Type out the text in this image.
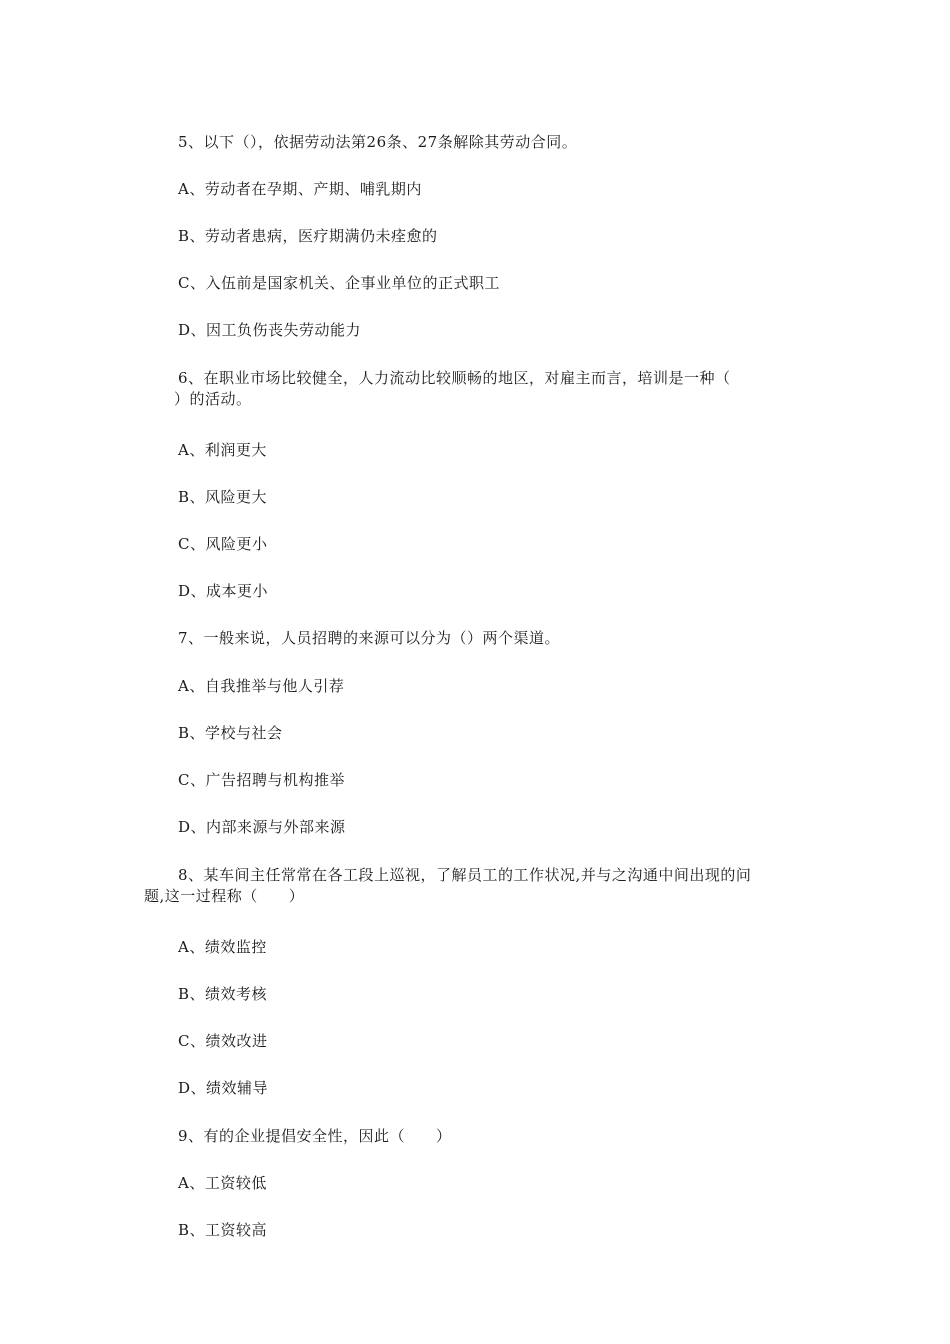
5、以下（），依据劳动法第26条、27条解除其劳动合同。
A、劳动者在孕期、产期、哺乳期内
B、劳动者患病，医疗期满仍未痊愈的
C、入伍前是国家机关、企事业单位的正式职工
D、因工负伤丧失劳动能力
6、在职业市场比较健全，人力流动比较顺畅的地区，对雇主而言，培训是一种（
）的活动。
A、利润更大
B、风险更大
C、风险更小
D、成本更小
7、一般来说，人员招聘的来源可以分为（）两个渠道。
A、自我推举与他人引荐
B、学校与社会
C、广告招聘与机构推举
D、内部来源与外部来源
8、某车间主任常常在各工段上巡视，了解员工的工作状况,并与之沟通中间出现的问
题,这一过程称（　　）
A、绩效监控
B、绩效考核
C、绩效改进
D、绩效辅导
9、有的企业提倡安全性，因此（　　）
A、工资较低
B、工资较高
